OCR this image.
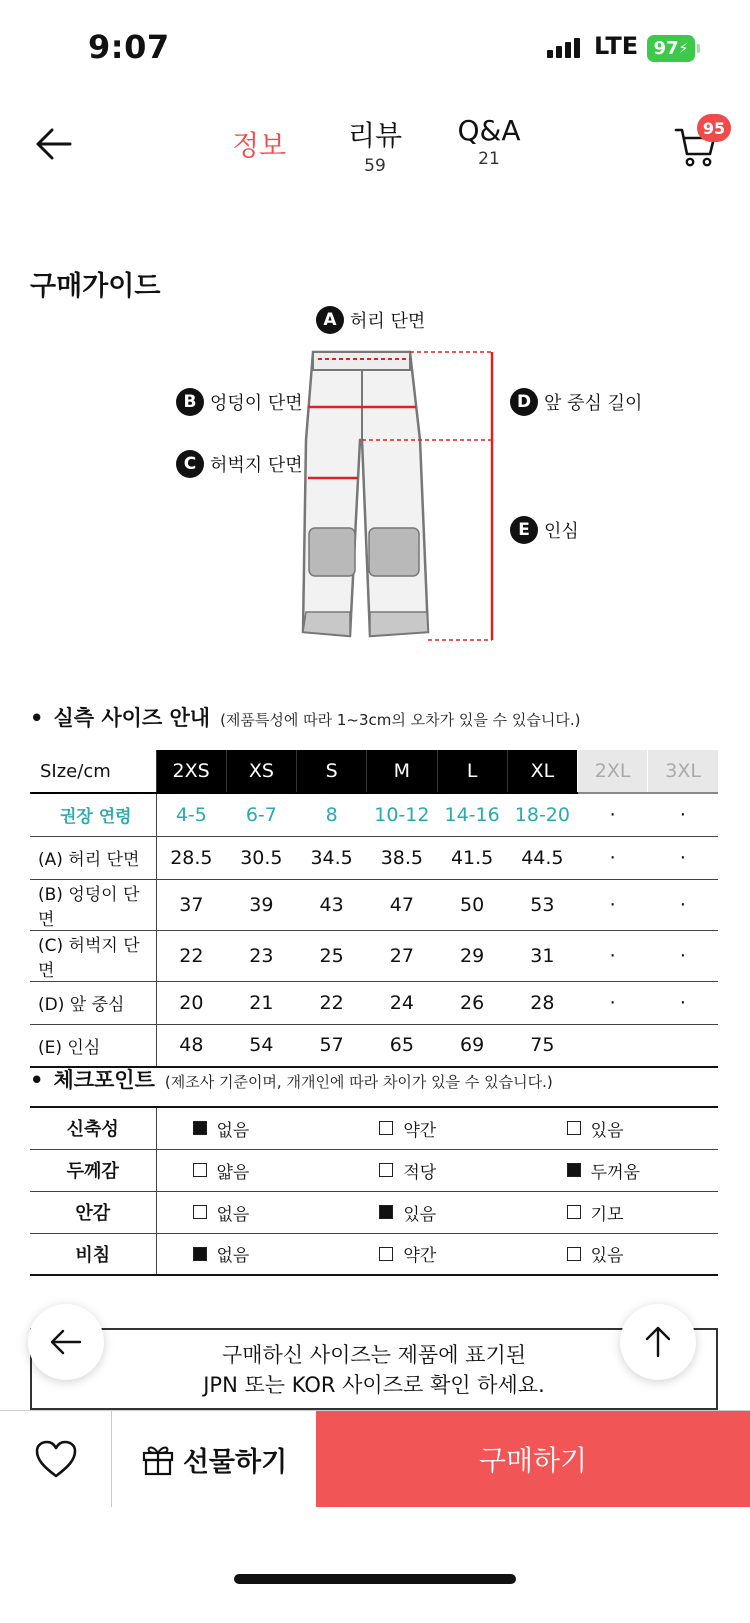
9:07	LTE 97 ⚡
정보 리뷰
59
Q&A
21
95
구매가이드
A 허리 단면
B 엉덩이 단면
C 허벅지 단면
D 앞 중심 길이
E 인심
• 실측 사이즈 안내 (제품특성에 따라 1~3cm의 오차가 있을 수 있습니다.)
SIze/cm	2XS	XS	S	M	L	XL	2XL	3XL
권장 연령	4-5	6-7	8	10-12	14-16	18-20	·	·
(A) 허리 단면	28.5	30.5	34.5	38.5	41.5	44.5	·	·
(B) 엉덩이 단면	37	39	43	47	50	53	·	·
(C) 허벅지 단면	22	23	25	27	29	31	·	·
(D) 앞 중심	20	21	22	24	26	28	·	·
(E) 인심	48	54	57	65	69	75		
• 체크포인트 (제조사 기준이며, 개개인에 따라 차이가 있을 수 있습니다.)
신축성	없음	약간	있음

두께감	얇음	적당	두꺼움

안감	없음	있음	기모

비침	없음	약간	있음
구매하신 사이즈는 제품에 표기된
JPN 또는 KOR 사이즈로 확인 하세요.
선물하기	구매하기
